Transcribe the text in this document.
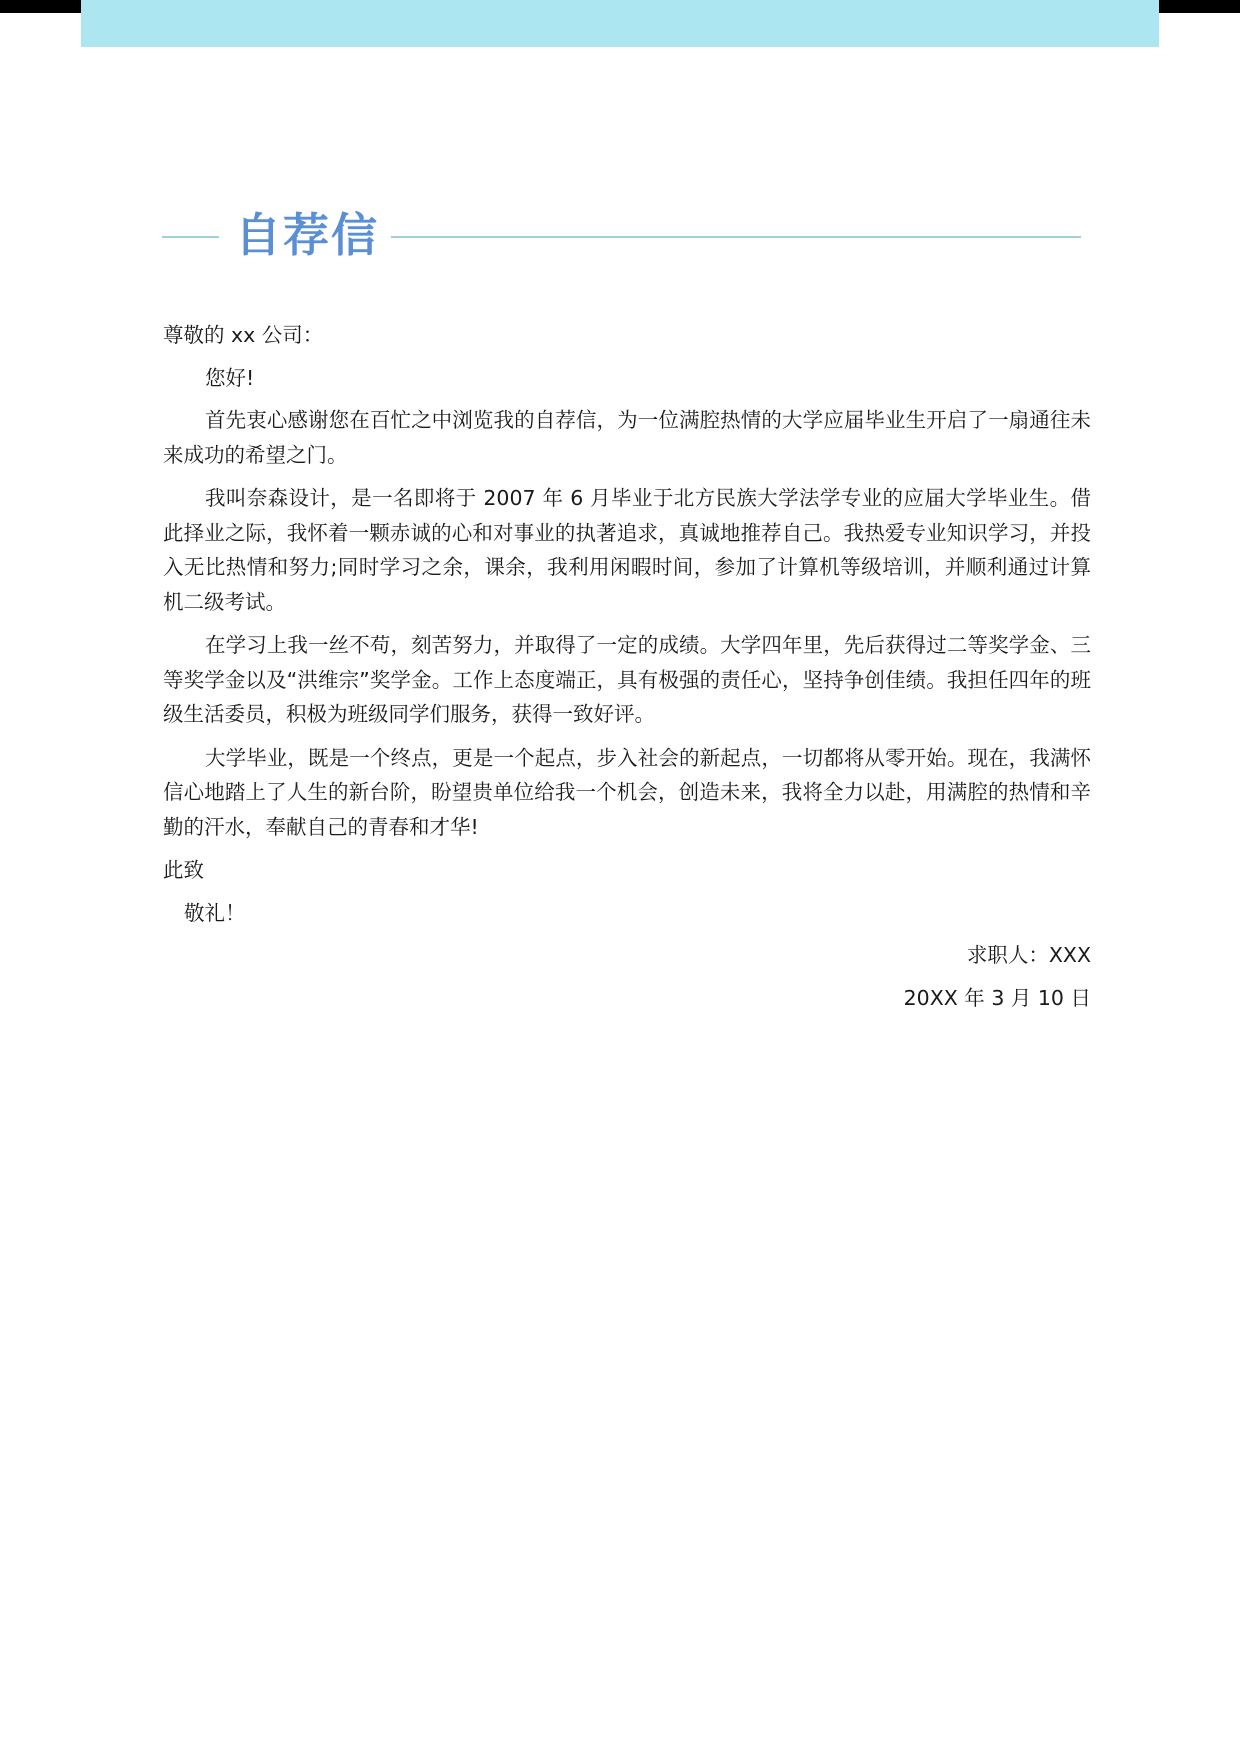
自荐信

尊敬的 xx 公司：

您好!

首先衷心感谢您在百忙之中浏览我的自荐信，为一位满腔热情的大学应届毕业生开启了一扇通往未来成功的希望之门。

我叫奈森设计，是一名即将于 2007 年 6 月毕业于北方民族大学法学专业的应届大学毕业生。借此择业之际，我怀着一颗赤诚的心和对事业的执著追求，真诚地推荐自己。我热爱专业知识学习，并投入无比热情和努力;同时学习之余，课余，我利用闲暇时间，参加了计算机等级培训，并顺利通过计算机二级考试。

在学习上我一丝不苟，刻苦努力，并取得了一定的成绩。大学四年里，先后获得过二等奖学金、三等奖学金以及“洪维宗”奖学金。工作上态度端正，具有极强的责任心，坚持争创佳绩。我担任四年的班级生活委员，积极为班级同学们服务，获得一致好评。

大学毕业，既是一个终点，更是一个起点，步入社会的新起点，一切都将从零开始。现在，我满怀信心地踏上了人生的新台阶，盼望贵单位给我一个机会，创造未来，我将全力以赴，用满腔的热情和辛勤的汗水，奉献自己的青春和才华!

此致

敬礼！

求职人：XXX

20XX 年 3 月 10 日
